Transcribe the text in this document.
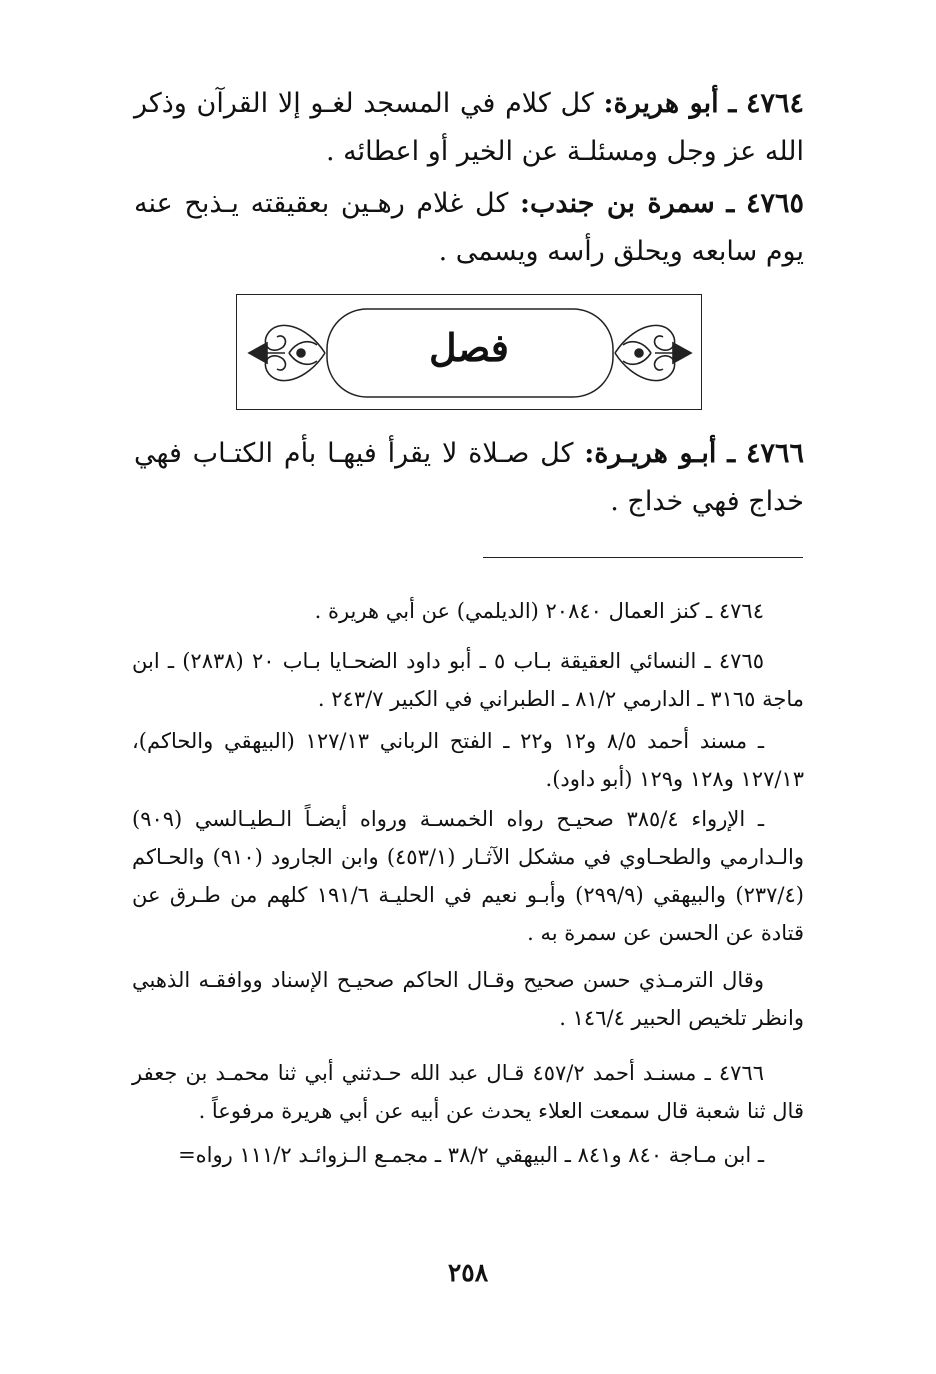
٤٧٦٤ ـ أبو هريرة: كل كلام في المسجد لغـو إلا القرآن وذكر الله عز وجل ومسئلـة عن الخير أو اعطائه .

٤٧٦٥ ـ سمرة بن جندب: كل غلام رهـين بعقيقته يـذبح عنه يوم سابعه ويحلق رأسه ويسمى .

فصل

٤٧٦٦ ـ أبـو هريـرة: كل صـلاة لا يقرأ فيهـا بأم الكتـاب فهي خداج فهي خداج .

٤٧٦٤ ـ كنز العمال ٢٠٨٤٠ (الديلمي) عن أبي هريرة .

٤٧٦٥ ـ النسائي العقيقة بـاب ٥ ـ أبو داود الضحـايا بـاب ٢٠ (٢٨٣٨) ـ ابن ماجة ٣١٦٥ ـ الدارمي ٨١/٢ ـ الطبراني في الكبير ٢٤٣/٧ .

ـ مسند أحمد ٨/٥ و١٢ و٢٢ ـ الفتح الرباني ١٢٧/١٣ (البيهقي والحاكم)، ١٢٧/١٣ و١٢٨ و١٢٩ (أبو داود).

ـ الإرواء ٣٨٥/٤ صحيـح رواه الخمسـة ورواه أيضـاً الـطيـالسي (٩٠٩) والـدارمي والطحـاوي في مشكل الآثـار (٤٥٣/١) وابن الجارود (٩١٠) والحـاكم (٢٣٧/٤) والبيهقي (٢٩٩/٩) وأبـو نعيم في الحليـة ١٩١/٦ كلهم من طـرق عن قتادة عن الحسن عن سمرة به .

وقال الترمـذي حسن صحيح وقـال الحاكم صحيـح الإسناد ووافقـه الذهبي وانظر تلخيص الحبير ١٤٦/٤ .

٤٧٦٦ ـ مسنـد أحمد ٤٥٧/٢ قـال عبد الله حـدثني أبي ثنا محمـد بن جعفر قال ثنا شعبة قال سمعت العلاء يحدث عن أبيه عن أبي هريرة مرفوعاً .

ـ ابن مـاجة ٨٤٠ و٨٤١ ـ البيهقي ٣٨/٢ ـ مجمـع الـزوائـد ١١١/٢ رواه=

٢٥٨
